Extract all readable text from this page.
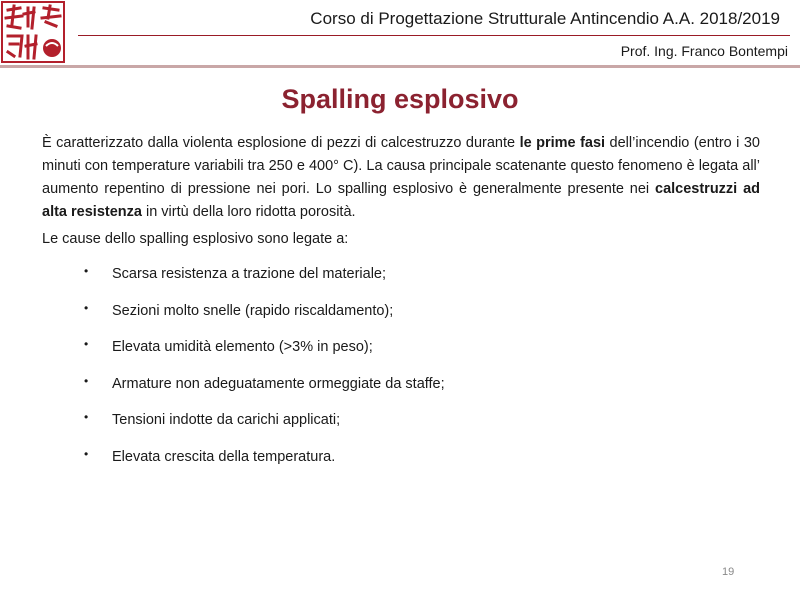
Corso di Progettazione Strutturale Antincendio A.A. 2018/2019
Prof. Ing. Franco Bontempi
Spalling esplosivo

È caratterizzato dalla violenta esplosione di pezzi di calcestruzzo durante le prime fasi dell’incendio (entro i 30 minuti con temperature variabili tra 250 e 400° C). La causa principale scatenante questo fenomeno è legata all’ aumento repentino di pressione nei pori. Lo spalling esplosivo è generalmente presente nei calcestruzzi ad alta resistenza in virtù della loro ridotta porosità.

Le cause dello spalling esplosivo sono legate a:

• Scarsa resistenza a trazione del materiale;
• Sezioni molto snelle (rapido riscaldamento);
• Elevata umidità elemento (>3% in peso);
• Armature non adeguatamente ormeggiate da staffe;
• Tensioni indotte da carichi applicati;
• Elevata crescita della temperatura.
19
